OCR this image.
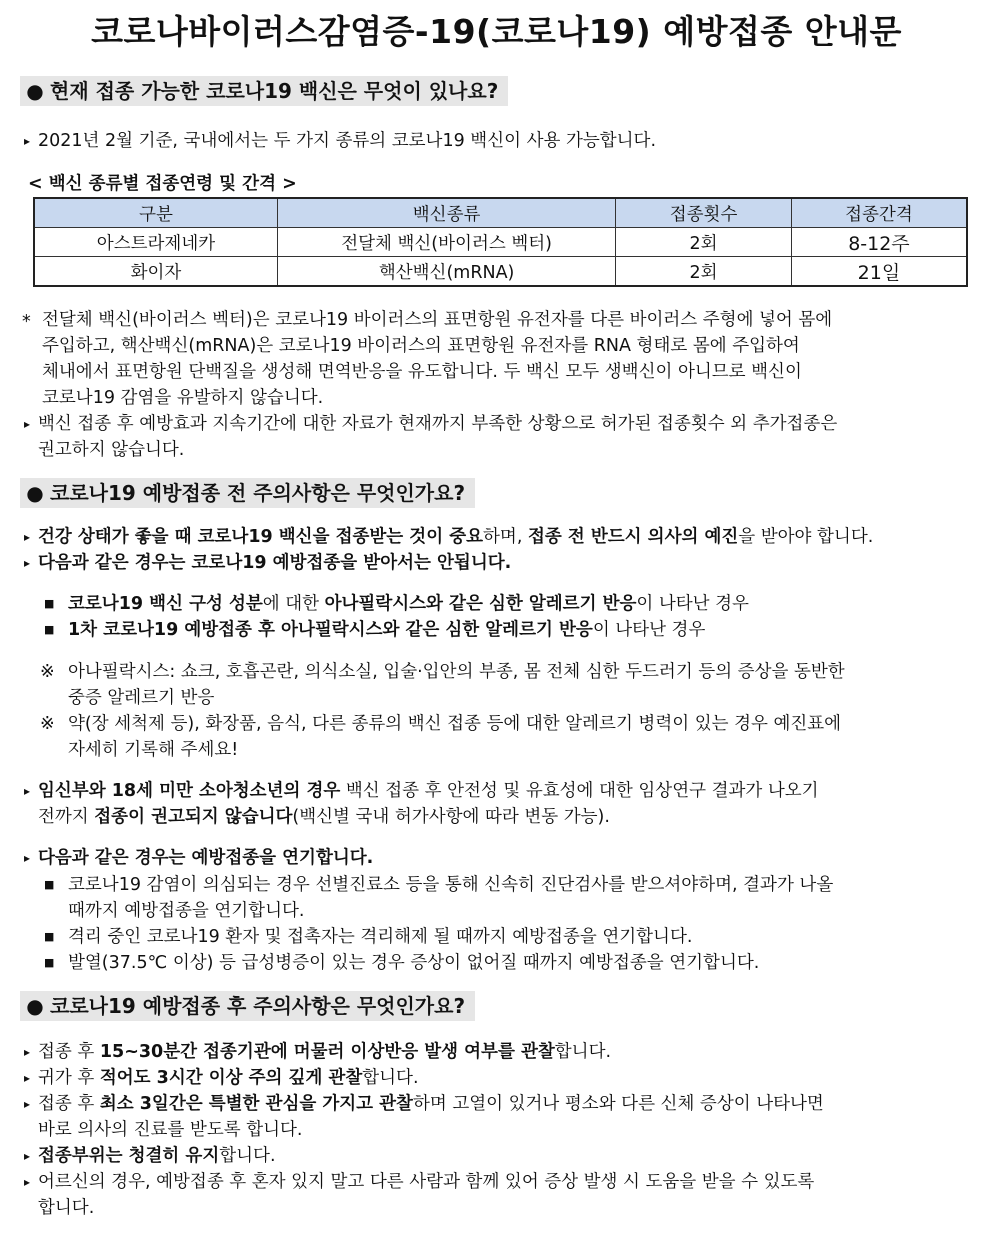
코로나바이러스감염증-19(코로나19) 예방접종 안내문
● 현재 접종 가능한 코로나19 백신은 무엇이 있나요?
▸ 2021년 2월 기준, 국내에서는 두 가지 종류의 코로나19 백신이 사용 가능합니다.
< 백신 종류별 접종연령 및 간격 >
구분	백신종류	접종횟수	접종간격
아스트라제네카	전달체 백신(바이러스 벡터)	2회	8-12주
화이자	핵산백신(mRNA)	2회	21일
* 전달체 백신(바이러스 벡터)은 코로나19 바이러스의 표면항원 유전자를 다른 바이러스 주형에 넣어 몸에
주입하고, 핵산백신(mRNA)은 코로나19 바이러스의 표면항원 유전자를 RNA 형태로 몸에 주입하여
체내에서 표면항원 단백질을 생성해 면역반응을 유도합니다. 두 백신 모두 생백신이 아니므로 백신이
코로나19 감염을 유발하지 않습니다.
▸ 백신 접종 후 예방효과 지속기간에 대한 자료가 현재까지 부족한 상황으로 허가된 접종횟수 외 추가접종은
권고하지 않습니다.
● 코로나19 예방접종 전 주의사항은 무엇인가요?
▸ 건강 상태가 좋을 때 코로나19 백신을 접종받는 것이 중요하며, 접종 전 반드시 의사의 예진을 받아야 합니다.
▸ 다음과 같은 경우는 코로나19 예방접종을 받아서는 안됩니다.
■ 코로나19 백신 구성 성분에 대한 아나필락시스와 같은 심한 알레르기 반응이 나타난 경우
■ 1차 코로나19 예방접종 후 아나필락시스와 같은 심한 알레르기 반응이 나타난 경우
※ 아나필락시스: 쇼크, 호흡곤란, 의식소실, 입술·입안의 부종, 몸 전체 심한 두드러기 등의 증상을 동반한
중증 알레르기 반응
※ 약(장 세척제 등), 화장품, 음식, 다른 종류의 백신 접종 등에 대한 알레르기 병력이 있는 경우 예진표에
자세히 기록해 주세요!
▸ 임신부와 18세 미만 소아청소년의 경우 백신 접종 후 안전성 및 유효성에 대한 임상연구 결과가 나오기
전까지 접종이 권고되지 않습니다(백신별 국내 허가사항에 따라 변동 가능).
▸ 다음과 같은 경우는 예방접종을 연기합니다.
■ 코로나19 감염이 의심되는 경우 선별진료소 등을 통해 신속히 진단검사를 받으셔야하며, 결과가 나올
때까지 예방접종을 연기합니다.
■ 격리 중인 코로나19 환자 및 접촉자는 격리해제 될 때까지 예방접종을 연기합니다.
■ 발열(37.5℃ 이상) 등 급성병증이 있는 경우 증상이 없어질 때까지 예방접종을 연기합니다.
● 코로나19 예방접종 후 주의사항은 무엇인가요?
▸ 접종 후 15~30분간 접종기관에 머물러 이상반응 발생 여부를 관찰합니다.
▸ 귀가 후 적어도 3시간 이상 주의 깊게 관찰합니다.
▸ 접종 후 최소 3일간은 특별한 관심을 가지고 관찰하며 고열이 있거나 평소와 다른 신체 증상이 나타나면
바로 의사의 진료를 받도록 합니다.
▸ 접종부위는 청결히 유지합니다.
▸ 어르신의 경우, 예방접종 후 혼자 있지 말고 다른 사람과 함께 있어 증상 발생 시 도움을 받을 수 있도록
합니다.
